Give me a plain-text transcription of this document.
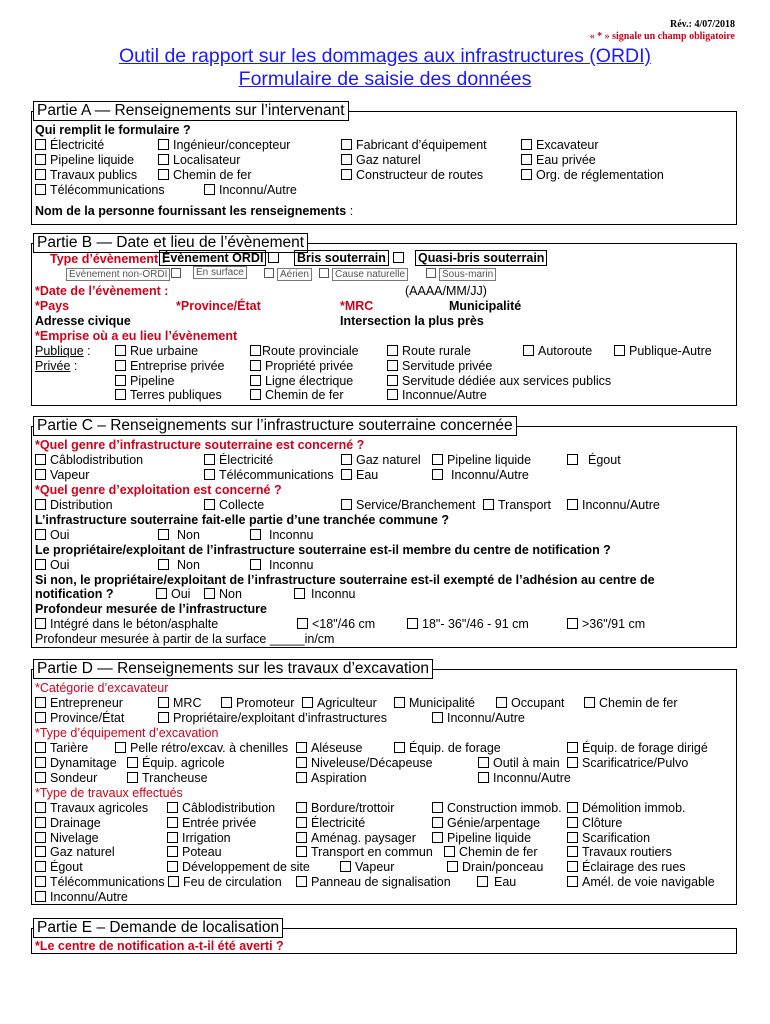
Rév.: 4/07/2018
« * » signale un champ obligatoire
Outil de rapport sur les dommages aux infrastructures (ORDI)
Formulaire de saisie des données
Partie A — Renseignements sur l’intervenant
Qui remplit le formulaire ?
Électricité	Ingénieur/concepteur	Fabricant d’équipement	Excavateur
Pipeline liquide	Localisateur	Gaz naturel	Eau privée
Travaux publics	Chemin de fer	Constructeur de routes	Org. de réglementation
Télécommunications	Inconnu/Autre
Nom de la personne fournissant les renseignements :
Partie B — Date et lieu de l’évènement
Type d’évènement :
Évènement ORDI	Bris souterrain	Quasi-bris souterrain
Évènement non-ORDI	En surface	Aérien	Cause naturelle	Sous-marin
*Date de l’évènement :	(AAAA/MM/JJ)
*Pays	*Province/État	*MRC	Municipalité
Adresse civique	Intersection la plus près
*Emprise où a eu lieu l’évènement
Publique :	Rue urbaine	Route provinciale	Route rurale	Autoroute	Publique-Autre
Privée :	Entreprise privée	Propriété privée	Servitude privée
Pipeline	Ligne électrique	Servitude dédiée aux services publics
Terres publiques	Chemin de fer	Inconnue/Autre
Partie C – Renseignements sur l’infrastructure souterraine concernée
*Quel genre d’infrastructure souterraine est concerné ?
Câblodistribution	Électricité	Gaz naturel	Pipeline liquide	Égout
Vapeur	Télécommunications	Eau	Inconnu/Autre
*Quel genre d’exploitation est concerné ?
Distribution	Collecte	Service/Branchement	Transport	Inconnu/Autre
L’infrastructure souterraine fait-elle partie d’une tranchée commune ?
Oui	Non	Inconnu
Le propriétaire/exploitant de l’infrastructure souterraine est-il membre du centre de notification ?
Oui	Non	Inconnu
Si non, le propriétaire/exploitant de l’infrastructure souterraine est-il exempté de l’adhésion au centre de
notification ?	Oui	Non	Inconnu
Profondeur mesurée de l’infrastructure
Intégré dans le béton/asphalte	<18"/46 cm	18"- 36"/46 - 91 cm	>36"/91 cm
Profondeur mesurée à partir de la surface _____in/cm
Partie D — Renseignements sur les travaux d’excavation
*Catégorie d’excavateur
Entrepreneur	MRC	Promoteur	Agriculteur	Municipalité	Occupant	Chemin de fer
Province/État	Propriétaire/exploitant d’infrastructures	Inconnu/Autre
*Type d’équipement d’excavation
Tarière	Pelle rétro/excav. à chenilles	Aléseuse	Équip. de forage	Équip. de forage dirigé
Dynamitage	Équip. agricole	Niveleuse/Décapeuse	Outil à main	Scarificatrice/Pulvo
Sondeur	Trancheuse	Aspiration	Inconnu/Autre
*Type de travaux effectués
Travaux agricoles	Câblodistribution	Bordure/trottoir	Construction immob.	Démolition immob.
Drainage	Entrée privée	Électricité	Génie/arpentage	Clôture
Nivelage	Irrigation	Aménag. paysager	Pipeline liquide	Scarification
Gaz naturel	Poteau	Transport en commun	Chemin de fer	Travaux routiers
Égout	Développement de site	Vapeur	Drain/ponceau	Éclairage des rues
Télécommunications	Feu de circulation	Panneau de signalisation	Eau	Amél. de voie navigable
Inconnu/Autre
Partie E – Demande de localisation
*Le centre de notification a-t-il été averti ?
